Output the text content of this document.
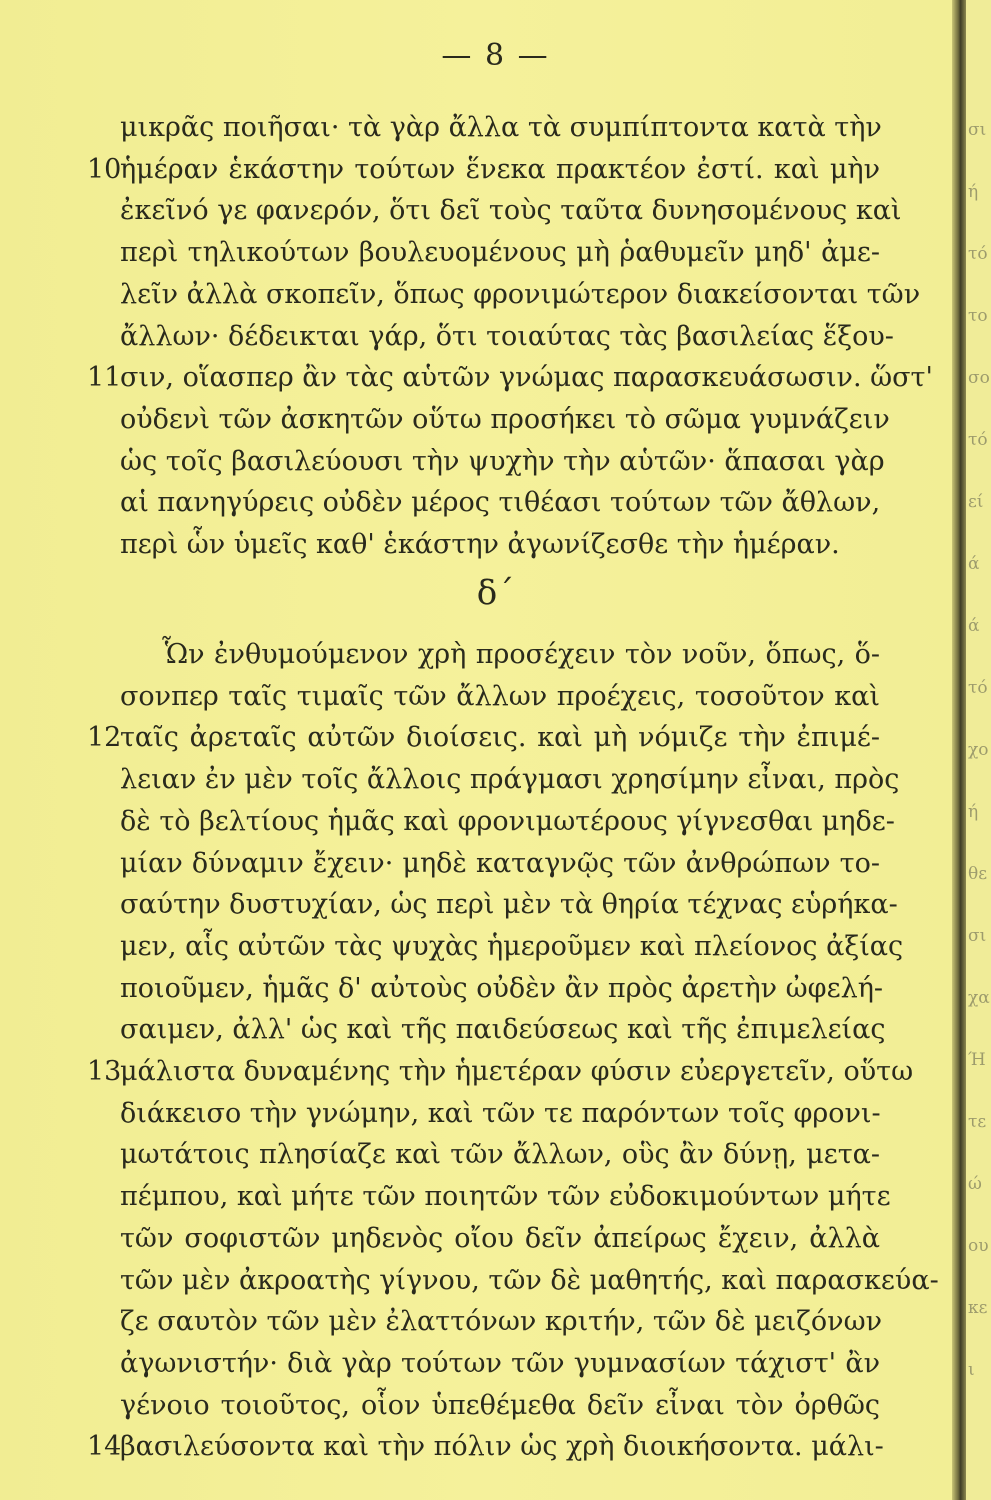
σι
ή
τό
το
σο
τό
εί
ά
ά
τό
χο
ή
θε
σι
χα
Ή
τε
ώ
ου
κε
ι
— 8 —
μικρᾶς ποιῆσαι· τὰ γὰρ ἄλλα τὰ συμπίπτοντα κατὰ τὴν
ἡμέραν ἑκάστην τούτων ἕνεκα πρακτέον ἐστί. καὶ μὴν
10
ἐκεῖνό γε φανερόν, ὅτι δεῖ τοὺς ταῦτα δυνησομένους καὶ
περὶ τηλικούτων βουλευομένους μὴ ῥαθυμεῖν μηδ' ἀμε-
λεῖν ἀλλὰ σκοπεῖν, ὅπως φρονιμώτερον διακείσονται τῶν
ἄλλων· δέδεικται γάρ, ὅτι τοιαύτας τὰς βασιλείας ἕξου-
σιν, οἵασπερ ἂν τὰς αὑτῶν γνώμας παρασκευάσωσιν. ὥστ'
11
οὐδενὶ τῶν ἀσκητῶν οὕτω προσήκει τὸ σῶμα γυμνάζειν
ὡς τοῖς βασιλεύουσι τὴν ψυχὴν τὴν αὑτῶν· ἅπασαι γὰρ
αἱ πανηγύρεις οὐδὲν μέρος τιθέασι τούτων τῶν ἄθλων,
περὶ ὧν ὑμεῖς καθ' ἑκάστην ἀγωνίζεσθε τὴν ἡμέραν.
δ΄
Ὧν ἐνθυμούμενον χρὴ προσέχειν τὸν νοῦν, ὅπως, ὅ-
σονπερ ταῖς τιμαῖς τῶν ἄλλων προέχεις, τοσοῦτον καὶ
ταῖς ἀρεταῖς αὐτῶν διοίσεις. καὶ μὴ νόμιζε τὴν ἐπιμέ-
12
λειαν ἐν μὲν τοῖς ἄλλοις πράγμασι χρησίμην εἶναι, πρὸς
δὲ τὸ βελτίους ἡμᾶς καὶ φρονιμωτέρους γίγνεσθαι μηδε-
μίαν δύναμιν ἔχειν· μηδὲ καταγνῷς τῶν ἀνθρώπων το-
σαύτην δυστυχίαν, ὡς περὶ μὲν τὰ θηρία τέχνας εὑρήκα-
μεν, αἷς αὐτῶν τὰς ψυχὰς ἡμεροῦμεν καὶ πλείονος ἀξίας
ποιοῦμεν, ἡμᾶς δ' αὐτοὺς οὐδὲν ἂν πρὸς ἀρετὴν ὠφελή-
σαιμεν, ἀλλ' ὡς καὶ τῆς παιδεύσεως καὶ τῆς ἐπιμελείας
μάλιστα δυναμένης τὴν ἡμετέραν φύσιν εὐεργετεῖν, οὕτω
13
διάκεισο τὴν γνώμην, καὶ τῶν τε παρόντων τοῖς φρονι-
μωτάτοις πλησίαζε καὶ τῶν ἄλλων, οὓς ἂν δύνῃ, μετα-
πέμπου, καὶ μήτε τῶν ποιητῶν τῶν εὐδοκιμούντων μήτε
τῶν σοφιστῶν μηδενὸς οἴου δεῖν ἀπείρως ἔχειν, ἀλλὰ
τῶν μὲν ἀκροατὴς γίγνου, τῶν δὲ μαθητής, καὶ παρασκεύα-
ζε σαυτὸν τῶν μὲν ἐλαττόνων κριτήν, τῶν δὲ μειζόνων
ἀγωνιστήν· διὰ γὰρ τούτων τῶν γυμνασίων τάχιστ' ἂν
γένοιο τοιοῦτος, οἷον ὑπεθέμεθα δεῖν εἶναι τὸν ὀρθῶς
βασιλεύσοντα καὶ τὴν πόλιν ὡς χρὴ διοικήσοντα. μάλι-
14
